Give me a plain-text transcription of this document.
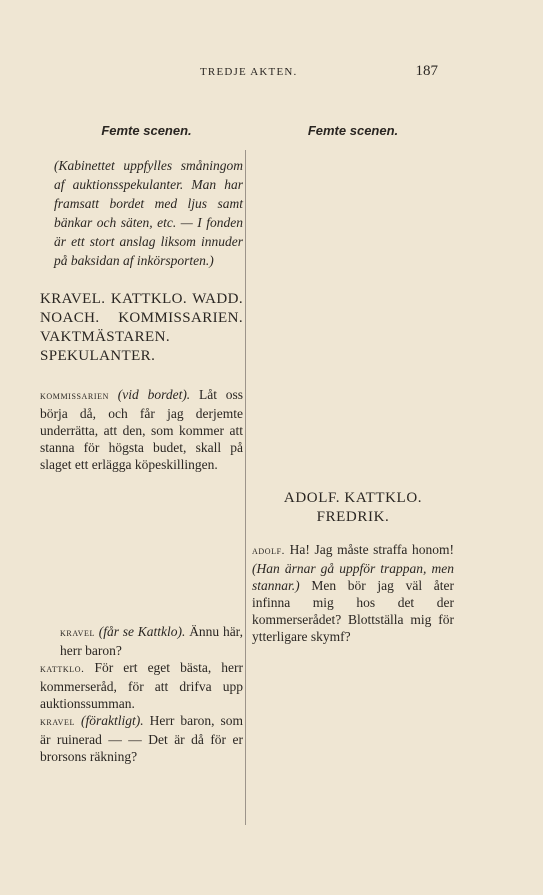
TREDJE AKTEN.	187

Femte scenen.

(Kabinettet uppfylles småningom af auktionsspekulanter. Man har framsatt bordet med ljus samt bänkar och säten, etc. — I fonden är ett stort anslag liksom innuder på baksidan af inkörsporten.)

KRAVEL. KATTKLO. WADD. NOACH. KOMMISSARIEN. VAKTMÄSTAREN. SPEKULANTER.

kommissarien (vid bordet). Låt oss börja då, och får jag derjemte underrätta, att den, som kommer att stanna för högsta budet, skall på slaget ett erlägga köpeskillingen.

kravel (får se Kattklo). Ännu här, herr baron?

kattklo. För ert eget bästa, herr kommerseråd, för att drifva upp auktionssumman.

kravel (föraktligt). Herr baron, som är ruinerad — — Det är då för er brorsons räkning?

Femte scenen.

ADOLF. KATTKLO. FREDRIK.

adolf. Ha! Jag måste straffa honom! (Han ärnar gå uppför trappan, men stannar.) Men bör jag väl åter infinna mig hos det der kommerserådet? Blottställa mig för ytterligare skymf?
